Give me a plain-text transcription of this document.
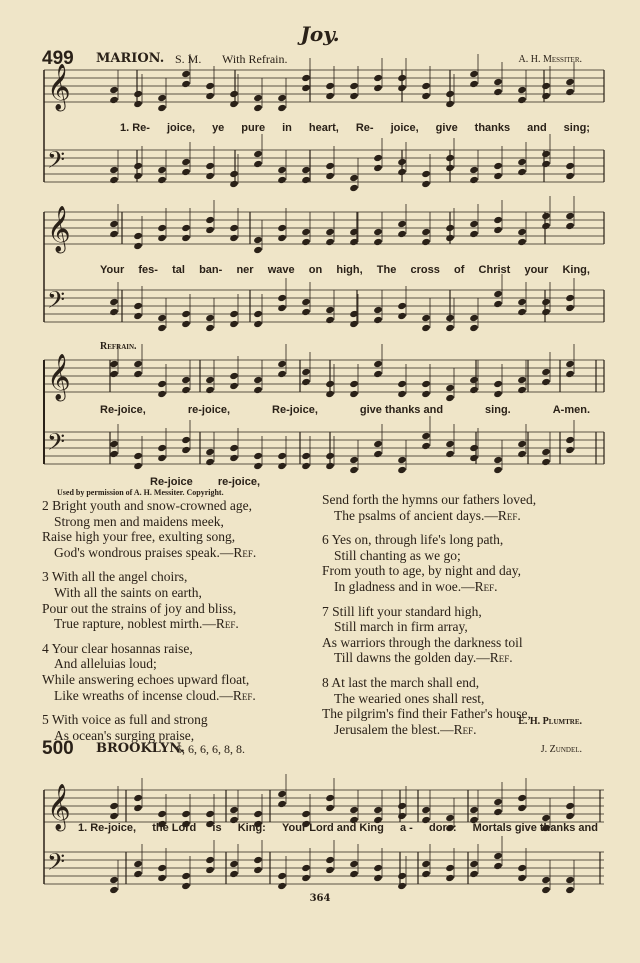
Joy.
499 MARION. S. M. With Refrain.	A. H. Messiter.
𝄞
𝄢
𝄞
𝄢
𝄞
𝄢
𝄞
𝄢
1. Re- joice, ye pure in heart, Re- joice, give thanks and sing;
Your fes- tal ban- ner wave on high, The cross of Christ your King,
Refrain.
Re-joice,	re-joice,	Re-joice,	give thanks and	sing.	A-men.
Re-joice re-joice,
Used by permission of A. H. Messiter. Copyright.
2 Bright youth and snow-crowned age,
Strong men and maidens meek,
Raise high your free, exulting song,
God's wondrous praises speak.—Ref.
3 With all the angel choirs,
With all the saints on earth,
Pour out the strains of joy and bliss,
True rapture, noblest mirth.—Ref.
4 Your clear hosannas raise,
And alleluias loud;
While answering echoes upward float,
Like wreaths of incense cloud.—Ref.
5 With voice as full and strong
As ocean's surging praise,
Send forth the hymns our fathers loved,
The psalms of ancient days.—Ref.
6 Yes on, through life's long path,
Still chanting as we go;
From youth to age, by night and day,
In gladness and in woe.—Ref.
7 Still lift your standard high,
Still march in firm array,
As warriors through the darkness toil
Till dawns the golden day.—Ref.
8 At last the march shall end,
The wearied ones shall rest,
The pilgrim's find their Father's house,
Jerusalem the blest.—Ref.
E. H. Plumtre.
500 BROOKLYN.
6, 6, 6, 6, 8, 8.	J. Zundel.
1. Re-joice, the Lord is King: Your Lord and King a - dore: Mortals give thanks and
364
